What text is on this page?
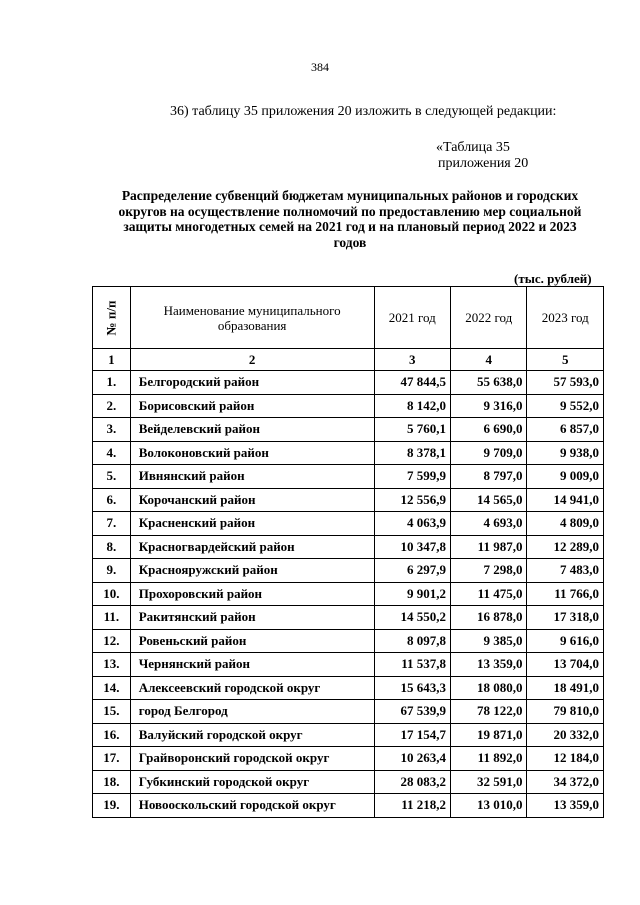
384
36) таблицу 35 приложения 20 изложить в следующей редакции:
«Таблица 35
приложения 20
Распределение субвенций бюджетам муниципальных районов и городских
округов на осуществление полномочий по предоставлению мер социальной
защиты многодетных семей на 2021 год и на плановый период 2022 и 2023
годов
(тыс. рублей)
№ п/п	Наименование муниципального образования	2021 год	2022 год	2023 год
1	2	3	4	5
1.	Белгородский район	47 844,5	55 638,0	57 593,0
2.	Борисовский район	8 142,0	9 316,0	9 552,0
3.	Вейделевский район	5 760,1	6 690,0	6 857,0
4.	Волоконовский район	8 378,1	9 709,0	9 938,0
5.	Ивнянский район	7 599,9	8 797,0	9 009,0
6.	Корочанский район	12 556,9	14 565,0	14 941,0
7.	Красненский район	4 063,9	4 693,0	4 809,0
8.	Красногвардейский район	10 347,8	11 987,0	12 289,0
9.	Краснояружский район	6 297,9	7 298,0	7 483,0
10.	Прохоровский район	9 901,2	11 475,0	11 766,0
11.	Ракитянский район	14 550,2	16 878,0	17 318,0
12.	Ровеньский район	8 097,8	9 385,0	9 616,0
13.	Чернянский район	11 537,8	13 359,0	13 704,0
14.	Алексеевский городской округ	15 643,3	18 080,0	18 491,0
15.	город Белгород	67 539,9	78 122,0	79 810,0
16.	Валуйский городской округ	17 154,7	19 871,0	20 332,0
17.	Грайворонский городской округ	10 263,4	11 892,0	12 184,0
18.	Губкинский городской округ	28 083,2	32 591,0	34 372,0
19.	Новооскольский городской округ	11 218,2	13 010,0	13 359,0
